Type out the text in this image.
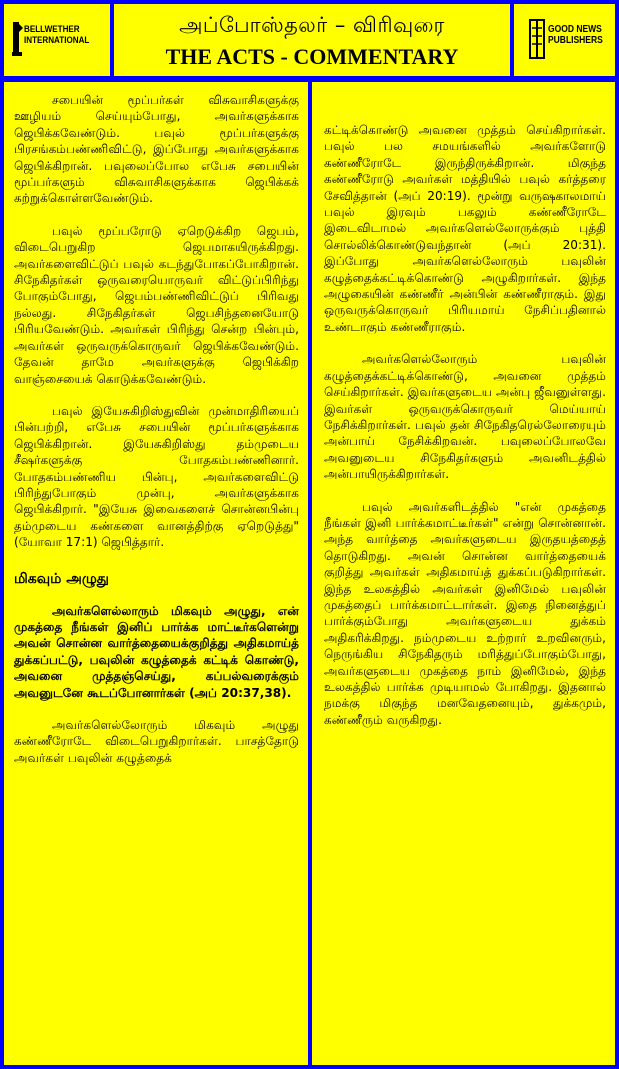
BELLWETHER
INTERNATIONAL
அப்போஸ்தலர் – விரிவுரை
THE ACTS - COMMENTARY
GOOD NEWS
PUBLISHERS

சபையின் மூப்பர்கள் விசுவாசிகளுக்கு ஊழியம் செய்யும்போது, அவர்களுக்காக ஜெபிக்கவேண்டும். பவுல் மூப்பர்களுக்கு பிரசங்கம்பண்ணிவிட்டு, இப்போது அவர்களுக்காக ஜெபிக்கிறான். பவுலைப்போல எபேசு சபையின் மூப்பர்களும் விசுவாசிகளுக்காக ஜெபிக்கக் கற்றுக்கொள்ளவேண்டும்.

பவுல் மூப்பரோடு ஏறெடுக்கிற ஜெபம், விடைபெறுகிற ஜெபமாகயிருக்கிறது. அவர்களைவிட்டுப் பவுல் கடந்துபோகப்போகிறான். சிநேகிதர்கள் ஒருவரையொருவர் விட்டுப்பிரிந்து போகும்போது, ஜெபம்பண்ணிவிட்டுப் பிரிவது நல்லது. சிநேகிதர்கள் ஜெபசிந்தனையோடு பிரியவேண்டும். அவர்கள் பிரிந்து சென்ற பின்பும், அவர்கள் ஒருவருக்கொருவர் ஜெபிக்கவேண்டும். தேவன் தாமே அவர்களுக்கு ஜெபிக்கிற வாஞ்சையைக் கொடுக்கவேண்டும்.

பவுல் இயேசுகிறிஸ்துவின் முன்மாதிரியைப் பின்பற்றி, எபேசு சபையின் மூப்பர்களுக்காக ஜெபிக்கிறான். இயேசுகிறிஸ்து தம்முடைய சீஷர்களுக்கு போதகம்பண்ணினார். போதகம்பண்ணிய பின்பு, அவர்களைவிட்டு பிரிந்துபோகும் முன்பு, அவர்களுக்காக ஜெபிக்கிறார். "இயேசு இவைகளைச் சொன்னபின்பு தம்முடைய கண்களை வானத்திற்கு ஏறெடுத்து" (யோவா 17:1) ஜெபித்தார்.

மிகவும் அழுது

அவர்களெல்லாரும் மிகவும் அழுது, என் முகத்தை நீங்கள் இனிப் பார்க்க மாட்டீர்களென்று அவன் சொன்ன வார்த்தையைக்குறித்து அதிகமாய்த் துக்கப்பட்டு, பவுலின் கழுத்தைக் கட்டிக் கொண்டு, அவனை முத்தஞ்செய்து, கப்பல்வரைக்கும் அவனுடனே கூடப்போனார்கள் (அப் 20:37,38).

அவர்களெல்லோரும் மிகவும் அழுது கண்ணீரோடே விடைபெறுகிறார்கள். பாசத்தோடு அவர்கள் பவுலின் கழுத்தைக்

கட்டிக்கொண்டு அவனை முத்தம் செய்கிறார்கள். பவுல் பல சமயங்களில் அவர்களோடு கண்ணீரோடே இருந்திருக்கிறான். மிகுந்த கண்ணீரோடு அவர்கள் மத்தியில் பவுல் கர்த்தரை சேவித்தான் (அப் 20:19). மூன்று வருஷகாலமாய் பவுல் இரவும் பகலும் கண்ணீரோடே இடைவிடாமல் அவர்களெல்லோருக்கும் புத்தி சொல்லிக்கொண்டுவந்தான் (அப் 20:31). இப்போது அவர்களெல்லோரும் பவுலின் கழுத்தைக்கட்டிக்கொண்டு அழுகிறார்கள். இந்த அழுகையின் கண்ணீர் அன்பின் கண்ணீராகும். இது ஒருவருக்கொருவர் பிரியமாய் நேசிப்பதினால் உண்டாகும் கண்ணீராகும்.

அவர்களெல்லோரும் பவுலின் கழுத்தைக்கட்டிக்கொண்டு, அவனை முத்தம் செய்கிறார்கள். இவர்களுடைய அன்பு ஜீவனுள்ளது. இவர்கள் ஒருவருக்கொருவர் மெய்யாய் நேசிக்கிறார்கள். பவுல் தன் சிநேகிதரெல்லோரையும் அன்பாய் நேசிக்கிறவன். பவுலைப்போலவே அவனுடைய சிநேகிதர்களும் அவனிடத்தில் அன்பாயிருக்கிறார்கள்.

பவுல் அவர்களிடத்தில் "என் முகத்தை நீங்கள் இனி பார்க்கமாட்டீர்கள்" என்று சொன்னான். அந்த வார்த்தை அவர்களுடைய இருதயத்தைத் தொடுகிறது. அவன் சொன்ன வார்த்தையைக் குறித்து அவர்கள் அதிகமாய்த் துக்கப்படுகிறார்கள். இந்த உலகத்தில் அவர்கள் இனிமேல் பவுலின் முகத்தைப் பார்க்கமாட்டார்கள். இதை நினைத்துப் பார்க்கும்போது அவர்களுடைய துக்கம் அதிகரிக்கிறது. நம்முடைய உற்றார் உறவினரும், நெருங்கிய சிநேகிதரும் மரித்துப்போகும்போது, அவர்களுடைய முகத்தை நாம் இனிமேல், இந்த உலகத்தில் பார்க்க முடியாமல் போகிறது. இதனால் நமக்கு மிகுந்த மனவேதனையும், துக்கமும், கண்ணீரும் வருகிறது.
